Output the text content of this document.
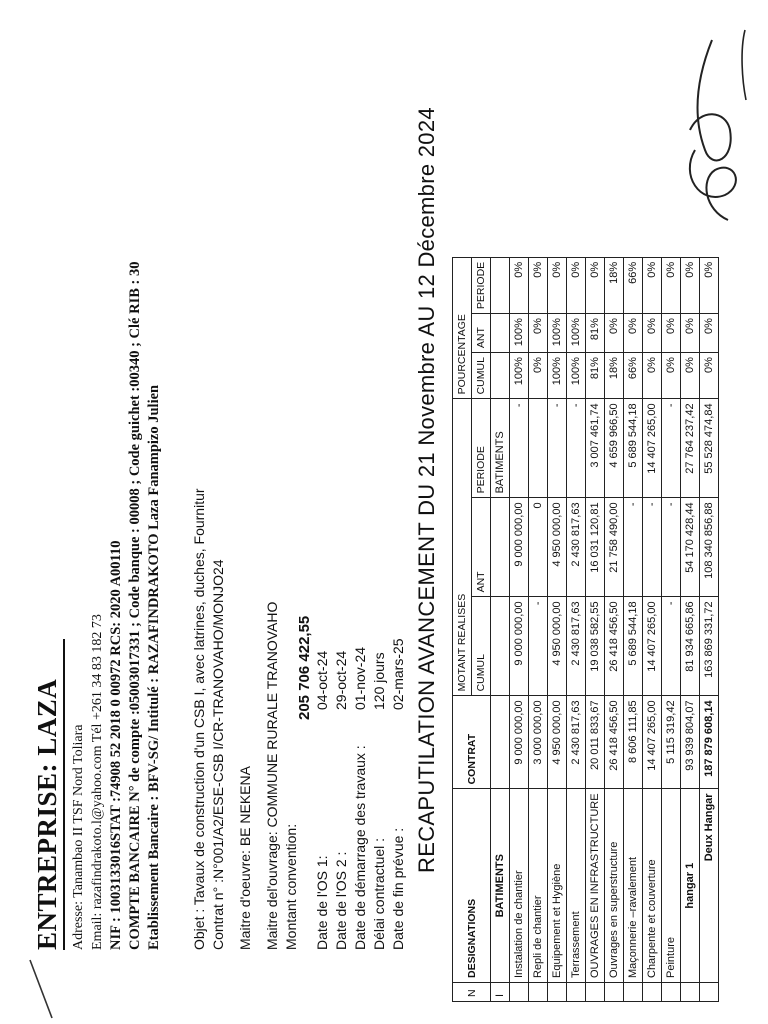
ENTREPRISE: LAZA Adresse: Tanambao II TSF Nord Toliara Email: razafindrakoto.l@yahoo.com Tél +261 34 83 182 73 NIF : 1003133016STAT :74908 52 2018 0 00972 RCS: 2020 A00110 COMPTE BANCAIRE N° de compte :05003017331 ; Code banque : 00008 ; Code guichet :00340 ; Clé RIB : 30 Etablissement Bancaire : BFV-SG/ Intitulé : RAZAFINDRAKOTO Laza Fanampizo Julien Objet : Tavaux de construction d'un CSB I, avec latrines, duches, Fournitur Contrat n° :N°001/A2/ESE-CSB I/CR-TRANOVAHO/MONJO24 Maitre d'oeuvre: BE NEKENA Maitre del'ouvrage: COMMUNE RURALE TRANOVAHO Montant convention:
205 706 422,55
Date de l'OS 1:
04-oct-24
Date de l'OS 2 :
29-oct-24
Date de démarrage des travaux :
01-nov-24
Délai contractuel :
120 jours
Date de fin prévue :
02-mars-25 RECAPUTILATION AVANCEMENT DU 21 Novembre AU 12 Décembre 2024
N	DESIGNATIONS	CONTRAT	MOTANT REALISES			POURCENTAGE		
			CUMUL	ANT	PERIODE	CUMUL	ANT	PERIODE
I	BATIMENTS				BATIMENTS			
	Instalation de chantier	9 000 000,00	9 000 000,00	9 000 000,00	-	100%	100%	0%
	Repli de chantier	3 000 000,00	-	0		0%	0%	0%
	Equipement et Hygiène	4 950 000,00	4 950 000,00	4 950 000,00	-	100%	100%	0%
	Terrassement	2 430 817,63	2 430 817,63	2 430 817,63	-	100%	100%	0%
	OUVRAGES EN INFRASTRUCTURE	20 011 833,67	19 038 582,55	16 031 120,81	3 007 461,74	81%	81%	0%
	Ouvrages en superstructure	26 418 456,50	26 418 456,50	21 758 490,00	4 659 966,50	18%	0%	18%
	Maçonnerie –ravalement	8 606 111,85	5 689 544,18	-	5 689 544,18	66%	0%	66%
	Charpente et couverture	14 407 265,00	14 407 265,00	-	14 407 265,00	0%	0%	0%
	Peinture	5 115 319,42	-	-	-	0%	0%	0%
	hangar 1	93 939 804,07	81 934 665,86	54 170 428,44	27 764 237,42	0%	0%	0%
	Deux Hangar	187 879 608,14	163 869 331,72	108 340 856,88	55 528 474,84	0%	0%	0%
